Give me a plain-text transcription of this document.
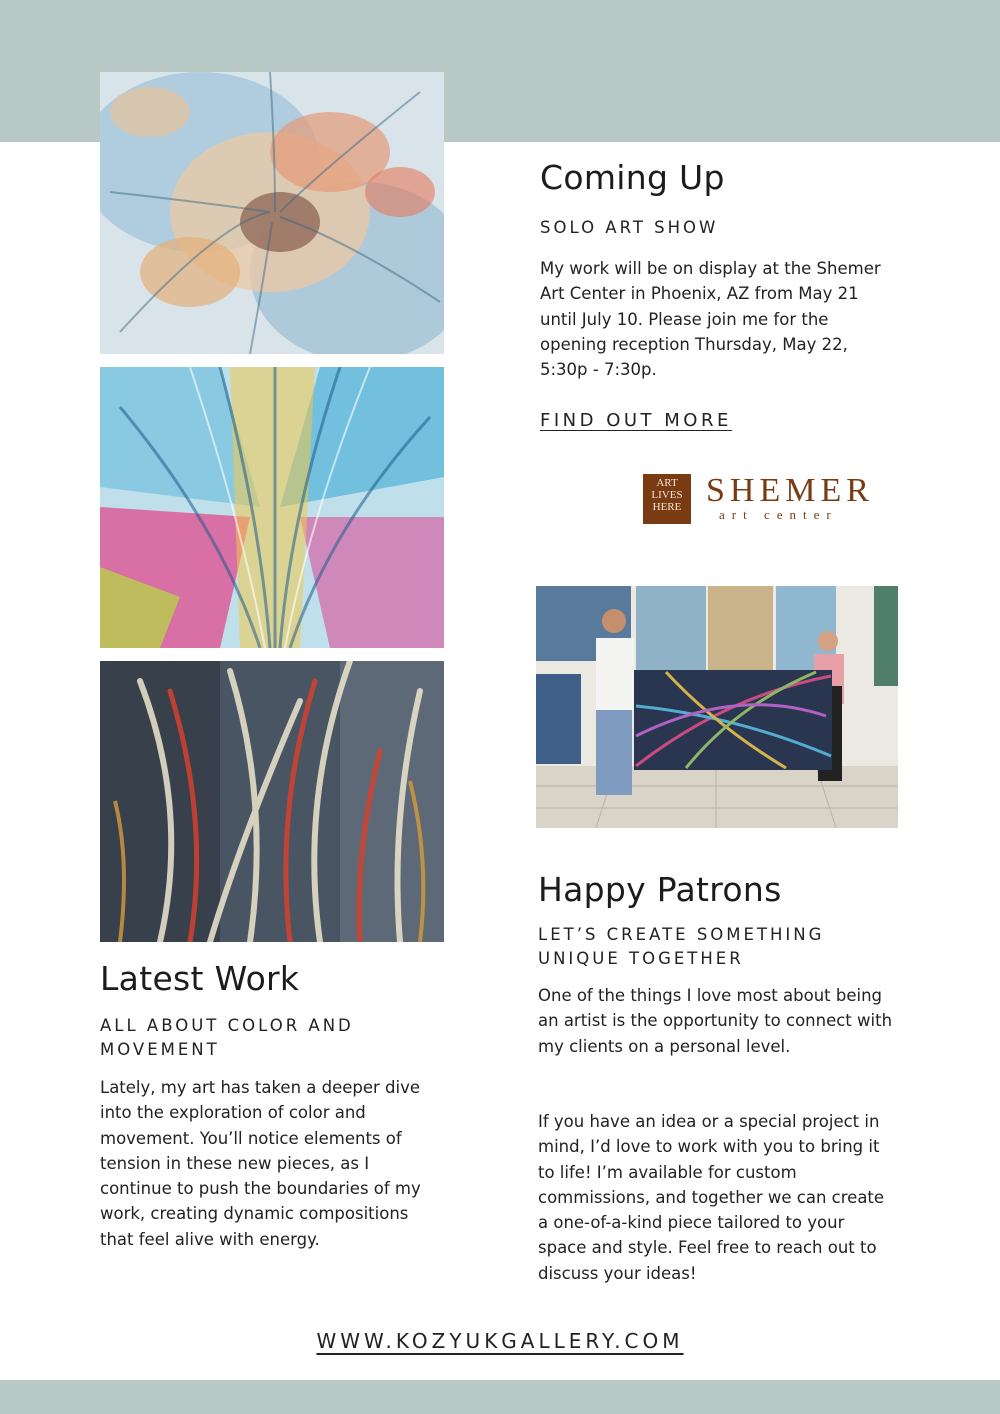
Coming Up

SOLO ART SHOW

My work will be on display at the Shemer Art Center in Phoenix, AZ from May 21 until July 10. Please join me for the opening reception Thursday, May 22, 5:30p - 7:30p.

FIND OUT MORE
ART
LIVES
HERE SHEMER
art center
Happy Patrons

LET’S CREATE SOMETHING UNIQUE TOGETHER

One of the things I love most about being an artist is the opportunity to connect with my clients on a personal level.

If you have an idea or a special project in mind, I’d love to work with you to bring it to life! I’m available for custom commissions, and together we can create a one-of-a-kind piece tailored to your space and style. Feel free to reach out to discuss your ideas!

Latest Work

ALL ABOUT COLOR AND MOVEMENT

Lately, my art has taken a deeper dive into the exploration of color and movement. You’ll notice elements of tension in these new pieces, as I continue to push the boundaries of my work, creating dynamic compositions that feel alive with energy.

WWW.KOZYUKGALLERY.COM
